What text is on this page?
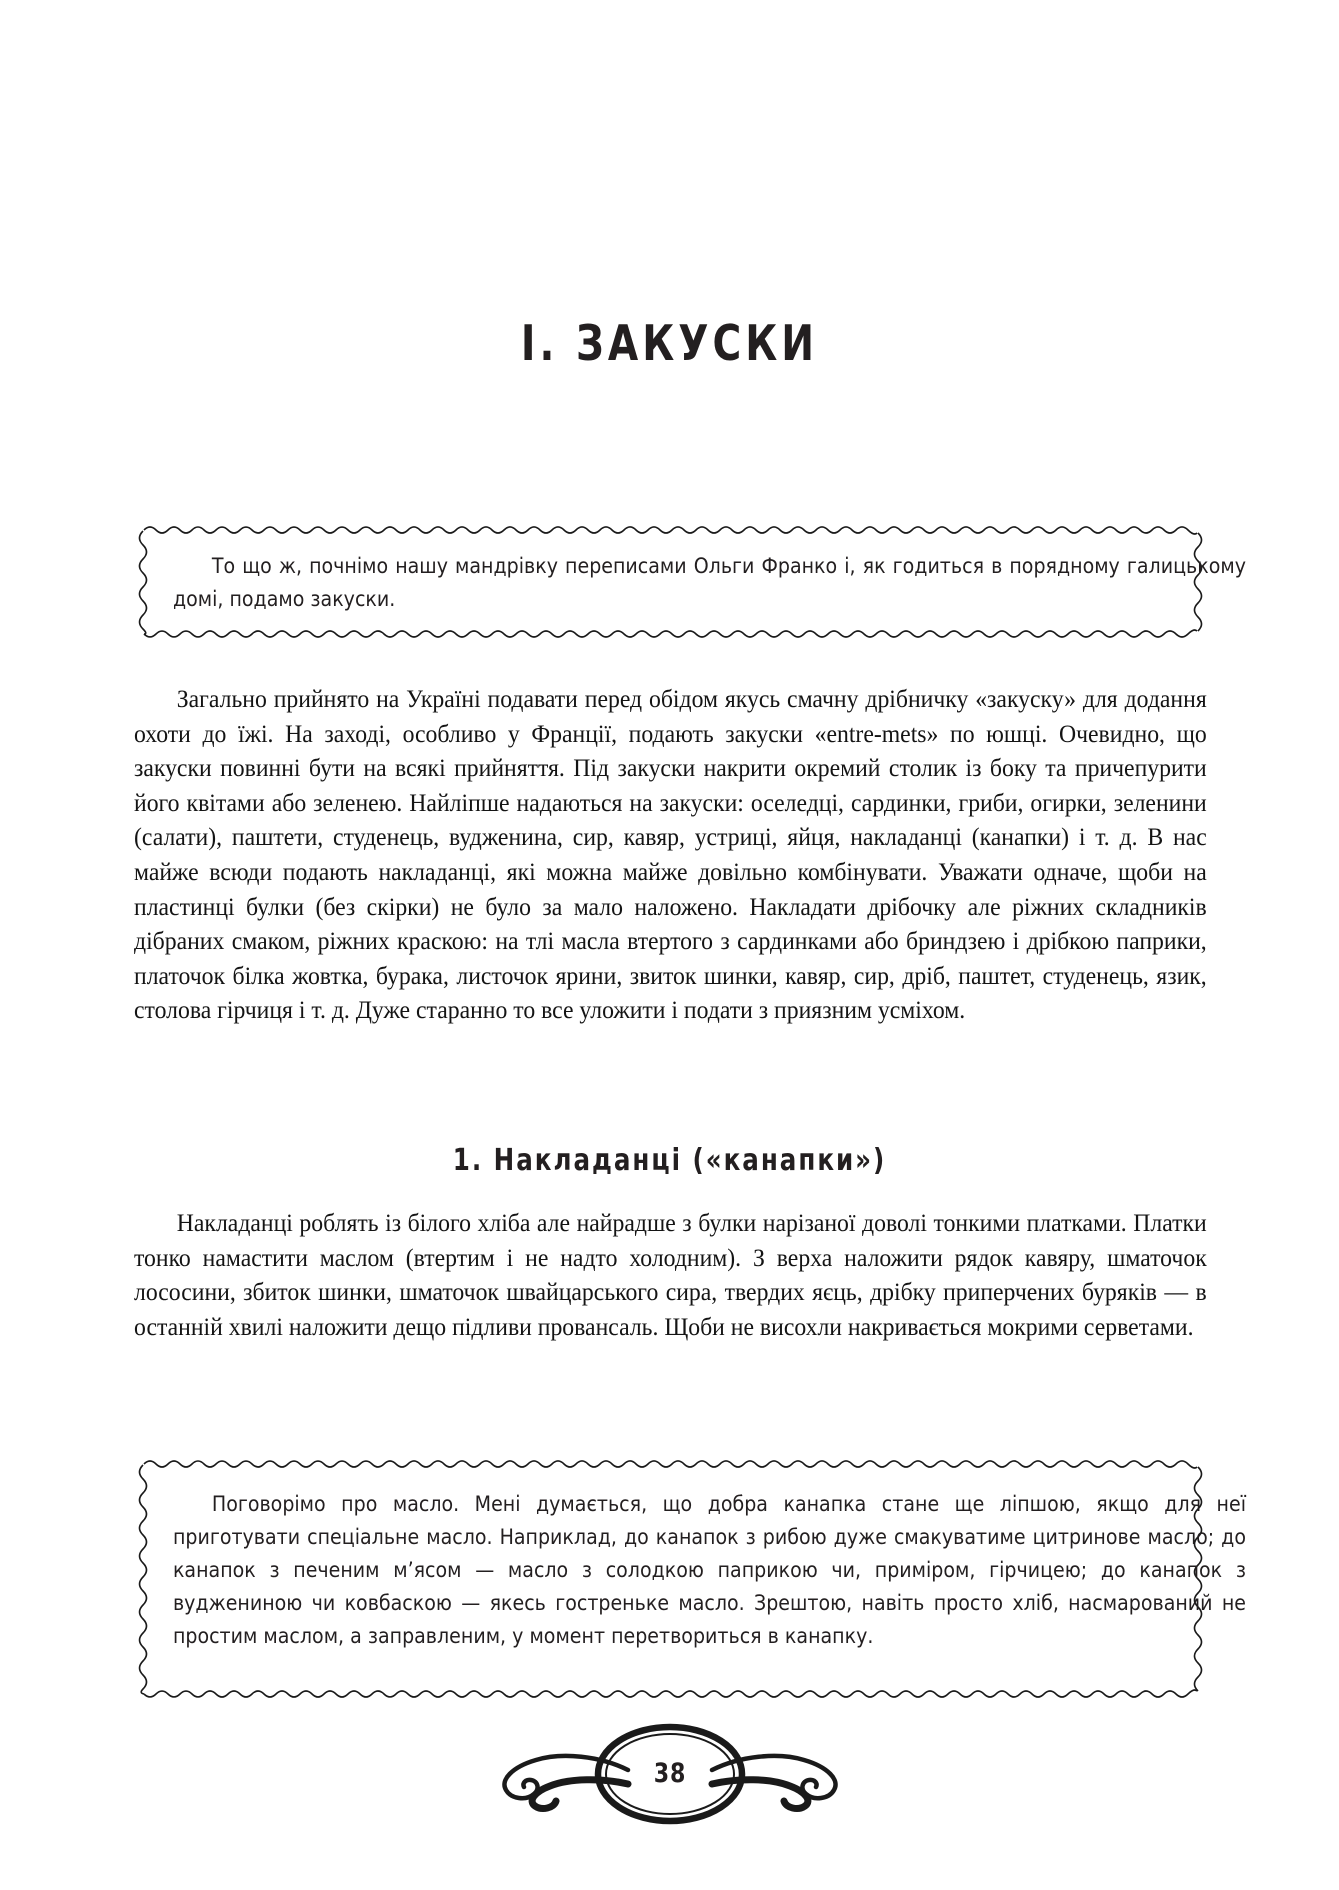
І. ЗАКУСКИ

То що ж, почнімо нашу мандрівку переписами Ольги Франко і, як годиться в порядному галицькому домі, подамо закуски.

Загально прийнято на Україні подавати перед обідом якусь смачну дрібничку «закуску» для додання охоти до їжі. На заході, особливо у Франції, подають закуски «entre-mets» по юшці. Очевидно, що закуски повинні бути на всякі прийняття. Під закуски накрити окремий столик із боку та причепурити його квітами або зеленею. Найліпше надаються на закуски: оселедці, сардинки, гриби, огирки, зеленини (салати), паштети, студенець, вудженина, сир, кавяр, устриці, яйця, накладанці (канапки) і т. д. В нас майже всюди подають накладанці, які можна майже довільно комбінувати. Уважати одначе, щоби на пластинці булки (без скірки) не було за мало наложено. Накладати дрібочку але ріжних складників дібраних смаком, ріжних краскою: на тлі масла втертого з сардинками або бриндзею і дрібкою паприки, платочок білка жовтка, бурака, листочок ярини, звиток шинки, кавяр, сир, дріб, паштет, студенець, язик, столова гірчиця і т. д. Дуже старанно то все уложити і подати з приязним усміхом.

1. Накладанці («канапки»)

Накладанці роблять із білого хліба але найрадше з булки нарізаної доволі тонкими платками. Платки тонко намастити маслом (втертим і не надто холодним). З верха наложити рядок кавяру, шматочок лососини, збиток шинки, шматочок швайцарського сира, твердих яєць, дрібку приперчених буряків — в останній хвилі наложити дещо підливи провансаль. Щоби не висохли накривається мокрими серветами.

Поговорімо про масло. Мені думається, що добра канапка стане ще ліпшою, якщо для неї приготувати спеціальне масло. Наприклад, до канапок з рибою дуже смакуватиме цитринове масло; до канапок з печеним м’ясом — масло з солодкою паприкою чи, приміром, гірчицею; до канапок з вуджениною чи ковбаскою — якесь гостреньке масло. Зрештою, навіть просто хліб, насмарований не простим маслом, а заправленим, у момент перетвориться в канапку.

38
